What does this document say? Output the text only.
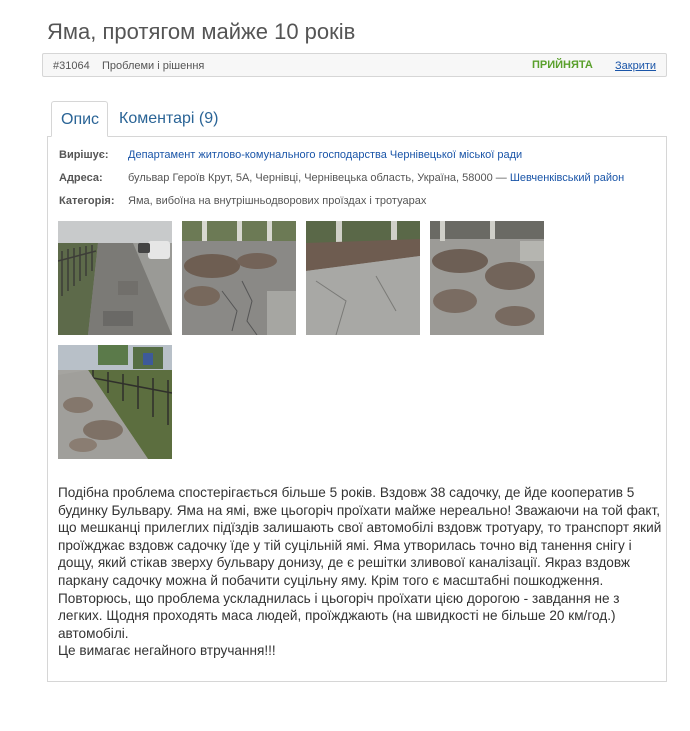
Яма, протягом майже 10 років
#31064 Проблеми і рішення	ПРИЙНЯТА Закрити
Опис	Коментарі (9)
Вирішує: Департамент житлово-комунального господарства Чернівецької міської ради
Адреса: бульвар Героїв Крут, 5А, Чернівці, Чернівецька область, Україна, 58000 — Шевченківський район
Категорія: Яма, вибоїна на внутрішньодворових проїздах і тротуарах

Подібна проблема спостерігається більше 5 років. Вздовж 38 садочку, де йде кооператив 5 будинку Бульвару. Яма на ямі, вже цьогоріч проїхати майже нереально! Зважаючи на той факт, що мешканці прилеглих підїздів залишають свої автомобілі вздовж тротуару, то транспорт який проїжджає вздовж садочку їде у тій суцільній ямі. Яма утворилась точно від танення снігу і дощу, який стікав зверху бульвару донизу, де є решітки зливової каналізації. Якраз вздовж паркану садочку можна й побачити суцільну яму. Крім того є масштабні пошкодження.

Повторюсь, що проблема ускладнилась і цьогоріч проїхати цією дорогою - завдання не з легких. Щодня проходять маса людей, проїжджають (на швидкості не більше 20 км/год.) автомобілі.

Це вимагає негайного втручання!!!
